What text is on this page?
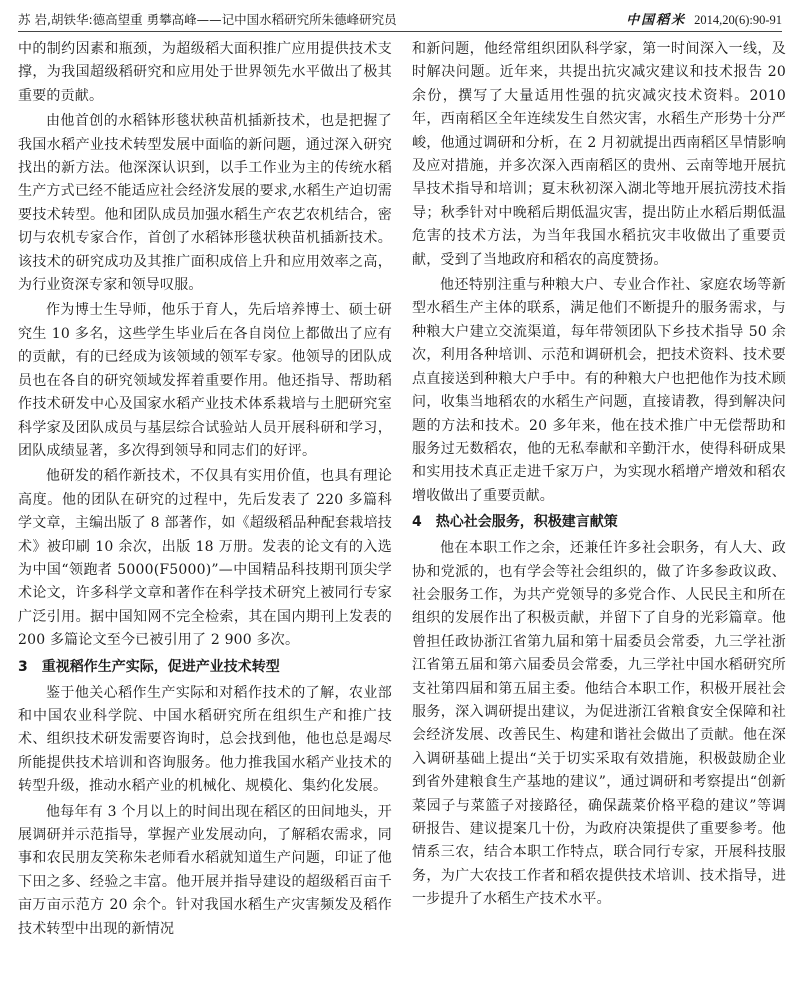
苏 岩,胡铁华:德高望重 勇攀高峰——记中国水稻研究所朱德峰研究员	中国稻米 2014,20(6):90-91

中的制约因素和瓶颈，为超级稻大面积推广应用提供技术支撑，为我国超级稻研究和应用处于世界领先水平做出了极其重要的贡献。

由他首创的水稻钵形毯状秧苗机插新技术，也是把握了我国水稻产业技术转型发展中面临的新问题，通过深入研究找出的新方法。他深深认识到，以手工作业为主的传统水稻生产方式已经不能适应社会经济发展的要求,水稻生产迫切需要技术转型。他和团队成员加强水稻生产农艺农机结合，密切与农机专家合作，首创了水稻钵形毯状秧苗机插新技术。该技术的研究成功及其推广面积成倍上升和应用效率之高，为行业资深专家和领导叹服。

作为博士生导师，他乐于育人，先后培养博士、硕士研究生 10 多名，这些学生毕业后在各自岗位上都做出了应有的贡献，有的已经成为该领域的领军专家。他领导的团队成员也在各自的研究领域发挥着重要作用。他还指导、帮助稻作技术研发中心及国家水稻产业技术体系栽培与土肥研究室科学家及团队成员与基层综合试验站人员开展科研和学习，团队成绩显著，多次得到领导和同志们的好评。

他研发的稻作新技术，不仅具有实用价值，也具有理论高度。他的团队在研究的过程中，先后发表了 220 多篇科学文章，主编出版了 8 部著作，如《超级稻品种配套栽培技术》被印刷 10 余次，出版 18 万册。发表的论文有的入选为中国“领跑者 5000(F5000)”—中国精品科技期刊顶尖学术论文，许多科学文章和著作在科学技术研究上被同行专家广泛引用。据中国知网不完全检索，其在国内期刊上发表的 200 多篇论文至今已被引用了 2 900 多次。

3　重视稻作生产实际，促进产业技术转型

鉴于他关心稻作生产实际和对稻作技术的了解，农业部和中国农业科学院、中国水稻研究所在组织生产和推广技术、组织技术研发需要咨询时，总会找到他，他也总是竭尽所能提供技术培训和咨询服务。他力推我国水稻产业技术的转型升级，推动水稻产业的机械化、规模化、集约化发展。

他每年有 3 个月以上的时间出现在稻区的田间地头，开展调研并示范指导，掌握产业发展动向，了解稻农需求，同事和农民朋友笑称朱老师看水稻就知道生产问题，印证了他下田之多、经验之丰富。他开展并指导建设的超级稻百亩千亩万亩示范方 20 余个。针对我国水稻生产灾害频发及稻作技术转型中出现的新情况

和新问题，他经常组织团队科学家，第一时间深入一线，及时解决问题。近年来，共提出抗灾减灾建议和技术报告 20 余份，撰写了大量适用性强的抗灾减灾技术资料。2010 年，西南稻区全年连续发生自然灾害，水稻生产形势十分严峻，他通过调研和分析，在 2 月初就提出西南稻区旱情影响及应对措施，并多次深入西南稻区的贵州、云南等地开展抗旱技术指导和培训；夏末秋初深入湖北等地开展抗涝技术指导；秋季针对中晚稻后期低温灾害，提出防止水稻后期低温危害的技术方法，为当年我国水稻抗灾丰收做出了重要贡献，受到了当地政府和稻农的高度赞扬。

他还特别注重与种粮大户、专业合作社、家庭农场等新型水稻生产主体的联系，满足他们不断提升的服务需求，与种粮大户建立交流渠道，每年带领团队下乡技术指导 50 余次，利用各种培训、示范和调研机会，把技术资料、技术要点直接送到种粮大户手中。有的种粮大户也把他作为技术顾问，收集当地稻农的水稻生产问题，直接请教，得到解决问题的方法和技术。20 多年来，他在技术推广中无偿帮助和服务过无数稻农，他的无私奉献和辛勤汗水，使得科研成果和实用技术真正走进千家万户，为实现水稻增产增效和稻农增收做出了重要贡献。

4　热心社会服务，积极建言献策

他在本职工作之余，还兼任许多社会职务，有人大、政协和党派的，也有学会等社会组织的，做了许多参政议政、社会服务工作，为共产党领导的多党合作、人民民主和所在组织的发展作出了积极贡献，并留下了自身的光彩篇章。他曾担任政协浙江省第九届和第十届委员会常委，九三学社浙江省第五届和第六届委员会常委，九三学社中国水稻研究所支社第四届和第五届主委。他结合本职工作，积极开展社会服务，深入调研提出建议，为促进浙江省粮食安全保障和社会经济发展、改善民生、构建和谐社会做出了贡献。他在深入调研基础上提出“关于切实采取有效措施，积极鼓励企业到省外建粮食生产基地的建议”，通过调研和考察提出“创新菜园子与菜篮子对接路径，确保蔬菜价格平稳的建议”等调研报告、建议提案几十份，为政府决策提供了重要参考。他情系三农，结合本职工作特点，联合同行专家，开展科技服务，为广大农技工作者和稻农提供技术培训、技术指导，进一步提升了水稻生产技术水平。
